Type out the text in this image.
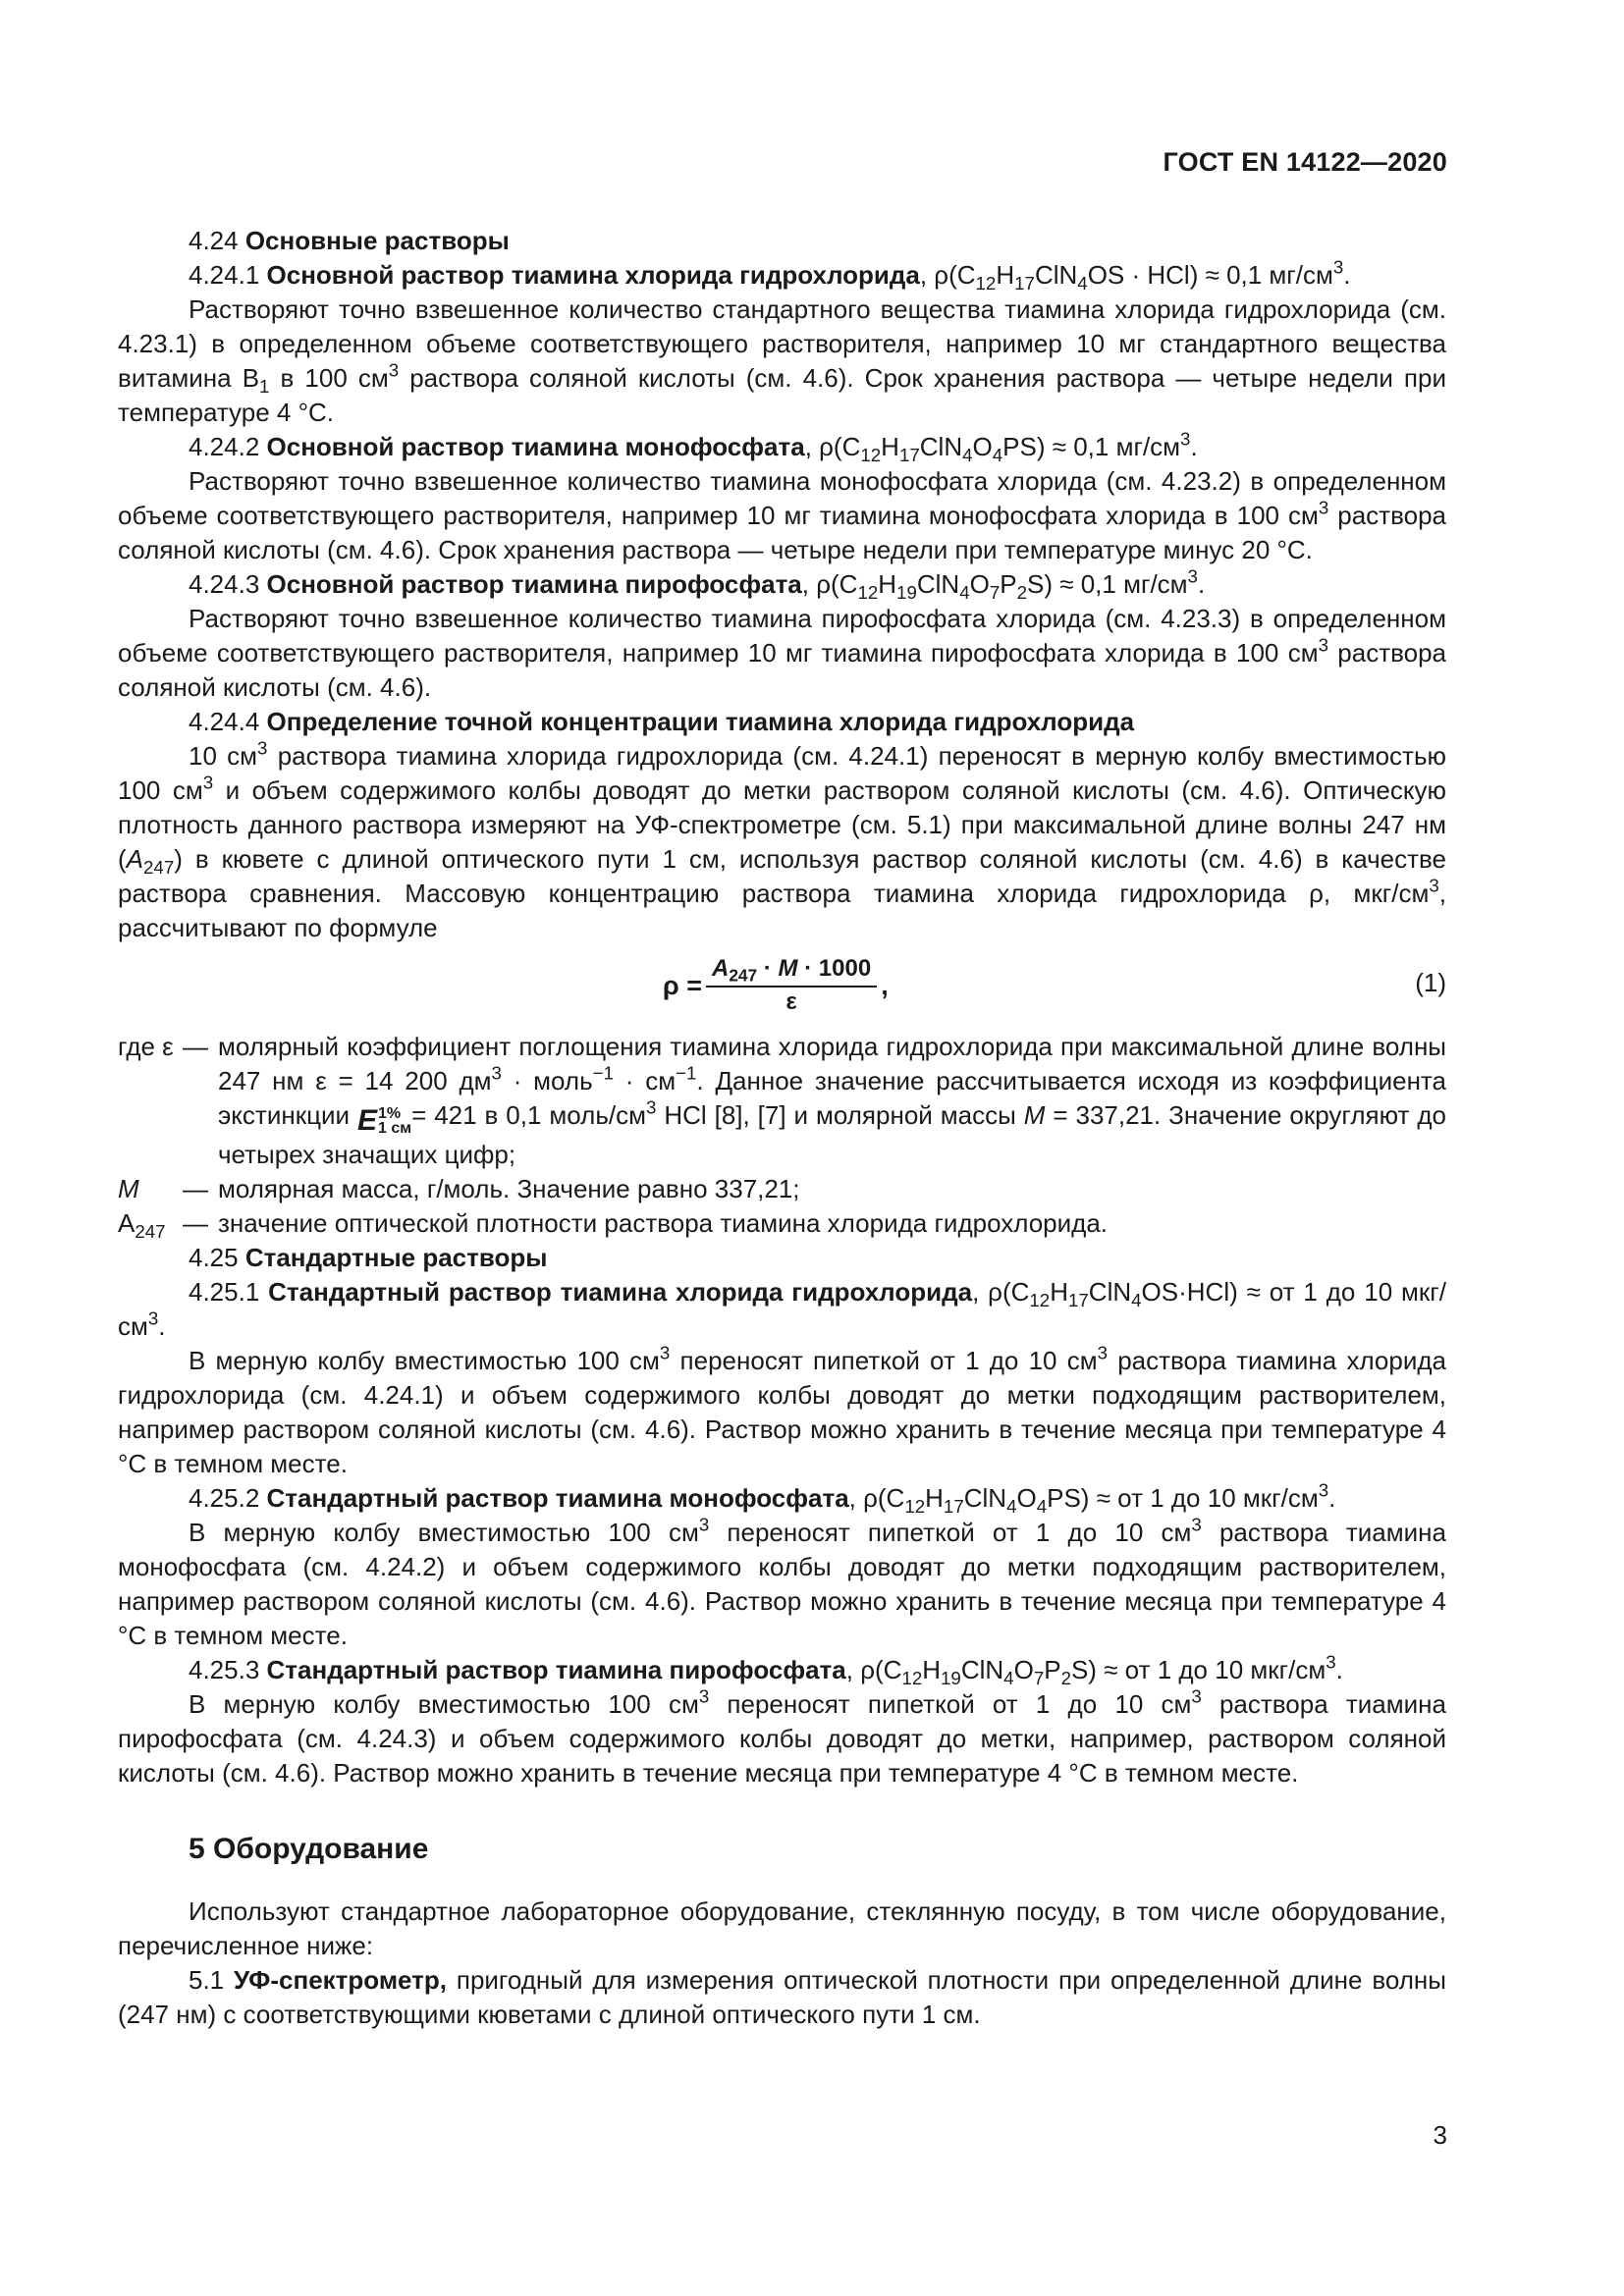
ГОСТ EN 14122—2020

4.24 Основные растворы

4.24.1 Основной раствор тиамина хлорида гидрохлорида, $\rho(C_{12}H_{17}ClN_4OS \cdot HCl) \approx 0,1$ $мг/см^3$.

Растворяют точно взвешенное количество стандартного вещества тиамина хлорида гидрохлорида (см. 4.23.1) в определенном объеме соответствующего растворителя, например 10 мг стандартного вещества витамина $B_1$ в 100 $см^3$ раствора соляной кислоты (см. 4.6). Срок хранения раствора — четыре недели при температуре 4 °C.

4.24.2 Основной раствор тиамина монофосфата, $\rho(C_{12}H_{17}ClN_4O_4PS) \approx 0,1$ $мг/см^3$.

Растворяют точно взвешенное количество тиамина монофосфата хлорида (см. 4.23.2) в определенном объеме соответствующего растворителя, например 10 мг тиамина монофосфата хлорида в 100 $см^3$ раствора соляной кислоты (см. 4.6). Срок хранения раствора — четыре недели при температуре минус 20 °C.

4.24.3 Основной раствор тиамина пирофосфата, $\rho(C_{12}H_{19}ClN_4O_7P_2S) \approx 0,1$ $мг/см^3$.

Растворяют точно взвешенное количество тиамина пирофосфата хлорида (см. 4.23.3) в определенном объеме соответствующего растворителя, например 10 мг тиамина пирофосфата хлорида в 100 $см^3$ раствора соляной кислоты (см. 4.6).

4.24.4 Определение точной концентрации тиамина хлорида гидрохлорида

10 $см^3$ раствора тиамина хлорида гидрохлорида (см. 4.24.1) переносят в мерную колбу вместимостью 100 $см^3$ и объем содержимого колбы доводят до метки раствором соляной кислоты (см. 4.6). Оптическую плотность данного раствора измеряют на УФ-спектрометре (см. 5.1) при максимальной длине волны 247 нм $(A_{247})$ в кювете с длиной оптического пути 1 см, используя раствор соляной кислоты (см. 4.6) в качестве раствора сравнения. Массовую концентрацию раствора тиамина хлорида гидрохлорида ρ, мкг/$см^3$, рассчитывают по формуле

$\rho = \frac{A_{247} \cdot M \cdot 1000}{\varepsilon}$ ,	(1)
где ε — молярный коэффициент поглощения тиамина хлорида гидрохлорида при максимальной длине волны 247 нм ε = 14 200 $дм^3$ · моль$^{-1}$ · $см^{-1}$. Данное значение рассчитывается исходя из коэффициента экстинкции E 1%
1 см = 421 в 0,1 моль/$см^3$ HCl [8], [7] и молярной массы M = 337,21. Значение округляют до четырех значащих цифр;
M	— молярная масса, г/моль. Значение равно 337,21;
$A_{247}$ — значение оптической плотности раствора тиамина хлорида гидрохлорида.

4.25 Стандартные растворы

4.25.1 Стандартный раствор тиамина хлорида гидрохлорида, $\rho(C_{12}H_{17}ClN_4OS\cdot HCl)$ ≈ от 1 до 10 мкг/$см^3$.

В мерную колбу вместимостью 100 $см^3$ переносят пипеткой от 1 до 10 $см^3$ раствора тиамина хлорида гидрохлорида (см. 4.24.1) и объем содержимого колбы доводят до метки подходящим растворителем, например раствором соляной кислоты (см. 4.6). Раствор можно хранить в течение месяца при температуре 4 °C в темном месте.

4.25.2 Стандартный раствор тиамина монофосфата, $\rho(C_{12}H_{17}ClN_4O_4PS)$ ≈ от 1 до 10 мкг/$см^3$.

В мерную колбу вместимостью 100 $см^3$ переносят пипеткой от 1 до 10 $см^3$ раствора тиамина монофосфата (см. 4.24.2) и объем содержимого колбы доводят до метки подходящим растворителем, например раствором соляной кислоты (см. 4.6). Раствор можно хранить в течение месяца при температуре 4 °C в темном месте.

4.25.3 Стандартный раствор тиамина пирофосфата, $\rho(C_{12}H_{19}ClN_4O_7P_2S)$ ≈ от 1 до 10 мкг/$см^3$.

В мерную колбу вместимостью 100 $см^3$ переносят пипеткой от 1 до 10 $см^3$ раствора тиамина пирофосфата (см. 4.24.3) и объем содержимого колбы доводят до метки, например, раствором соляной кислоты (см. 4.6). Раствор можно хранить в течение месяца при температуре 4 °C в темном месте.

5 Оборудование

Используют стандартное лабораторное оборудование, стеклянную посуду, в том числе оборудование, перечисленное ниже:

5.1 УФ-спектрометр, пригодный для измерения оптической плотности при определенной длине волны (247 нм) с соответствующими кюветами с длиной оптического пути 1 см.

3
